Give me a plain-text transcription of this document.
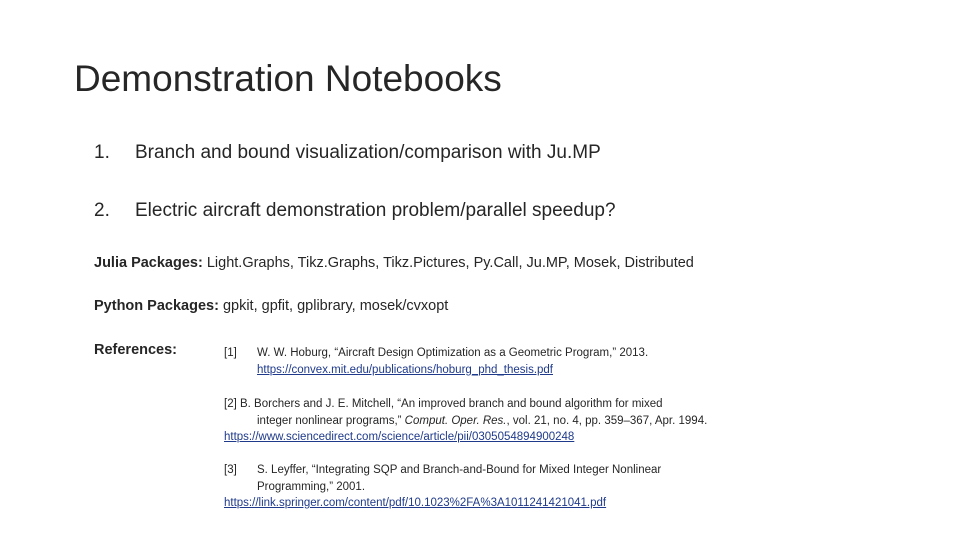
Demonstration Notebooks
1. Branch and bound visualization/comparison with Ju.MP
2. Electric aircraft demonstration problem/parallel speedup?
Julia Packages: Light.Graphs, Tikz.Graphs, Tikz.Pictures, Py.Call, Ju.MP, Mosek, Distributed
Python Packages: gpkit, gpfit, gplibrary, mosek/cvxopt
References:	[1] W. W. Hoburg, “Aircraft Design Optimization as a Geometric Program,” 2013.
https://convex.mit.edu/publications/hoburg_phd_thesis.pdf
[2] B. Borchers and J. E. Mitchell, “An improved branch and bound algorithm for mixed
integer nonlinear programs,” Comput. Oper. Res., vol. 21, no. 4, pp. 359–367, Apr. 1994.
https://www.sciencedirect.com/science/article/pii/0305054894900248
[3] S. Leyffer, “Integrating SQP and Branch-and-Bound for Mixed Integer Nonlinear
Programming,” 2001.
https://link.springer.com/content/pdf/10.1023%2FA%3A1011241421041.pdf
